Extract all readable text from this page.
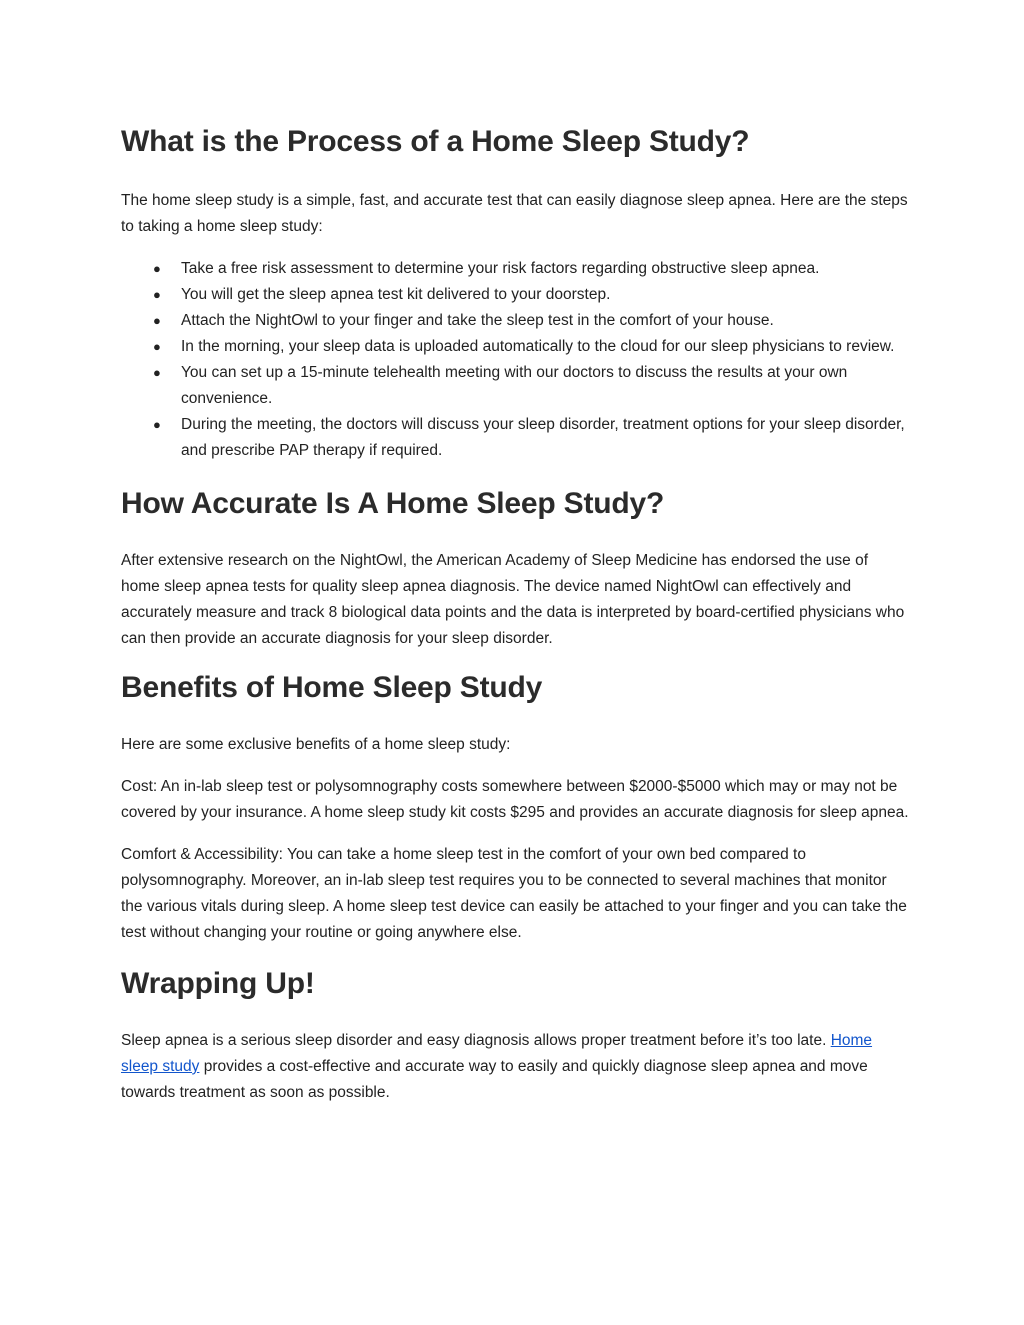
What is the Process of a Home Sleep Study?

The home sleep study is a simple, fast, and accurate test that can easily diagnose sleep apnea. Here are the steps to taking a home sleep study:

● Take a free risk assessment to determine your risk factors regarding obstructive sleep apnea.
● You will get the sleep apnea test kit delivered to your doorstep.
● Attach the NightOwl to your finger and take the sleep test in the comfort of your house.
● In the morning, your sleep data is uploaded automatically to the cloud for our sleep physicians to review.
● You can set up a 15-minute telehealth meeting with our doctors to discuss the results at your own convenience.
● During the meeting, the doctors will discuss your sleep disorder, treatment options for your sleep disorder, and prescribe PAP therapy if required.
How Accurate Is A Home Sleep Study?

After extensive research on the NightOwl, the American Academy of Sleep Medicine has endorsed the use of home sleep apnea tests for quality sleep apnea diagnosis. The device named NightOwl can effectively and accurately measure and track 8 biological data points and the data is interpreted by board-certified physicians who can then provide an accurate diagnosis for your sleep disorder.

Benefits of Home Sleep Study

Here are some exclusive benefits of a home sleep study:

Cost: An in-lab sleep test or polysomnography costs somewhere between $2000-$5000 which may or may not be covered by your insurance. A home sleep study kit costs $295 and provides an accurate diagnosis for sleep apnea.

Comfort & Accessibility: You can take a home sleep test in the comfort of your own bed compared to polysomnography. Moreover, an in-lab sleep test requires you to be connected to several machines that monitor the various vitals during sleep. A home sleep test device can easily be attached to your finger and you can take the test without changing your routine or going anywhere else.

Wrapping Up!

Sleep apnea is a serious sleep disorder and easy diagnosis allows proper treatment before it’s too late. Home sleep study provides a cost-effective and accurate way to easily and quickly diagnose sleep apnea and move towards treatment as soon as possible.
